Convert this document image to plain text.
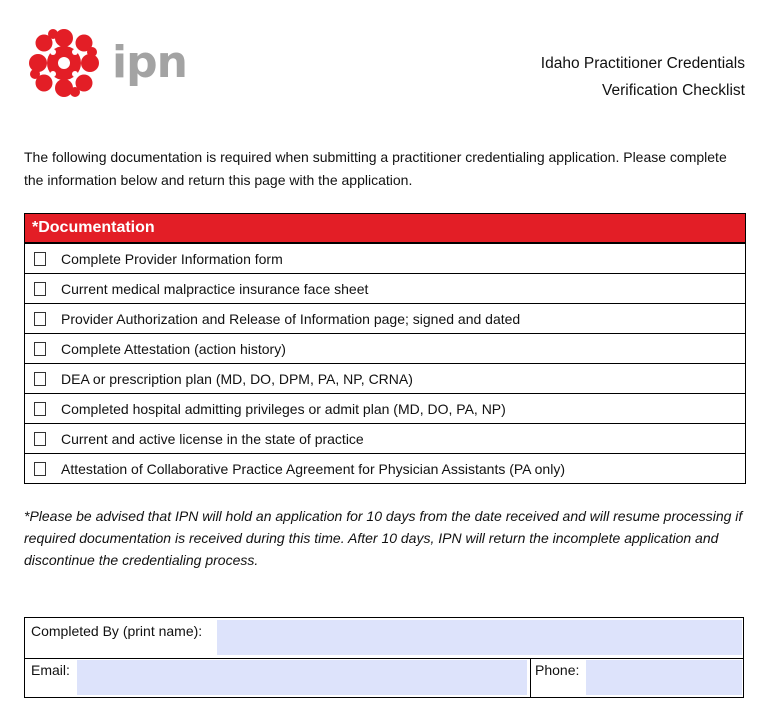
ipn	Idaho Practitioner Credentials
Verification Checklist
The following documentation is required when submitting a practitioner credentialing application. Please complete the information below and return this page with the application.
*Documentation
Complete Provider Information form
Current medical malpractice insurance face sheet
Provider Authorization and Release of Information page; signed and dated
Complete Attestation (action history)
DEA or prescription plan (MD, DO, DPM, PA, NP, CRNA)
Completed hospital admitting privileges or admit plan (MD, DO, PA, NP)
Current and active license in the state of practice
Attestation of Collaborative Practice Agreement for Physician Assistants (PA only)
*Please be advised that IPN will hold an application for 10 days from the date received and will resume processing if required documentation is received during this time. After 10 days, IPN will return the incomplete application and discontinue the credentialing process.
Completed By (print name):
Email:	Phone:
